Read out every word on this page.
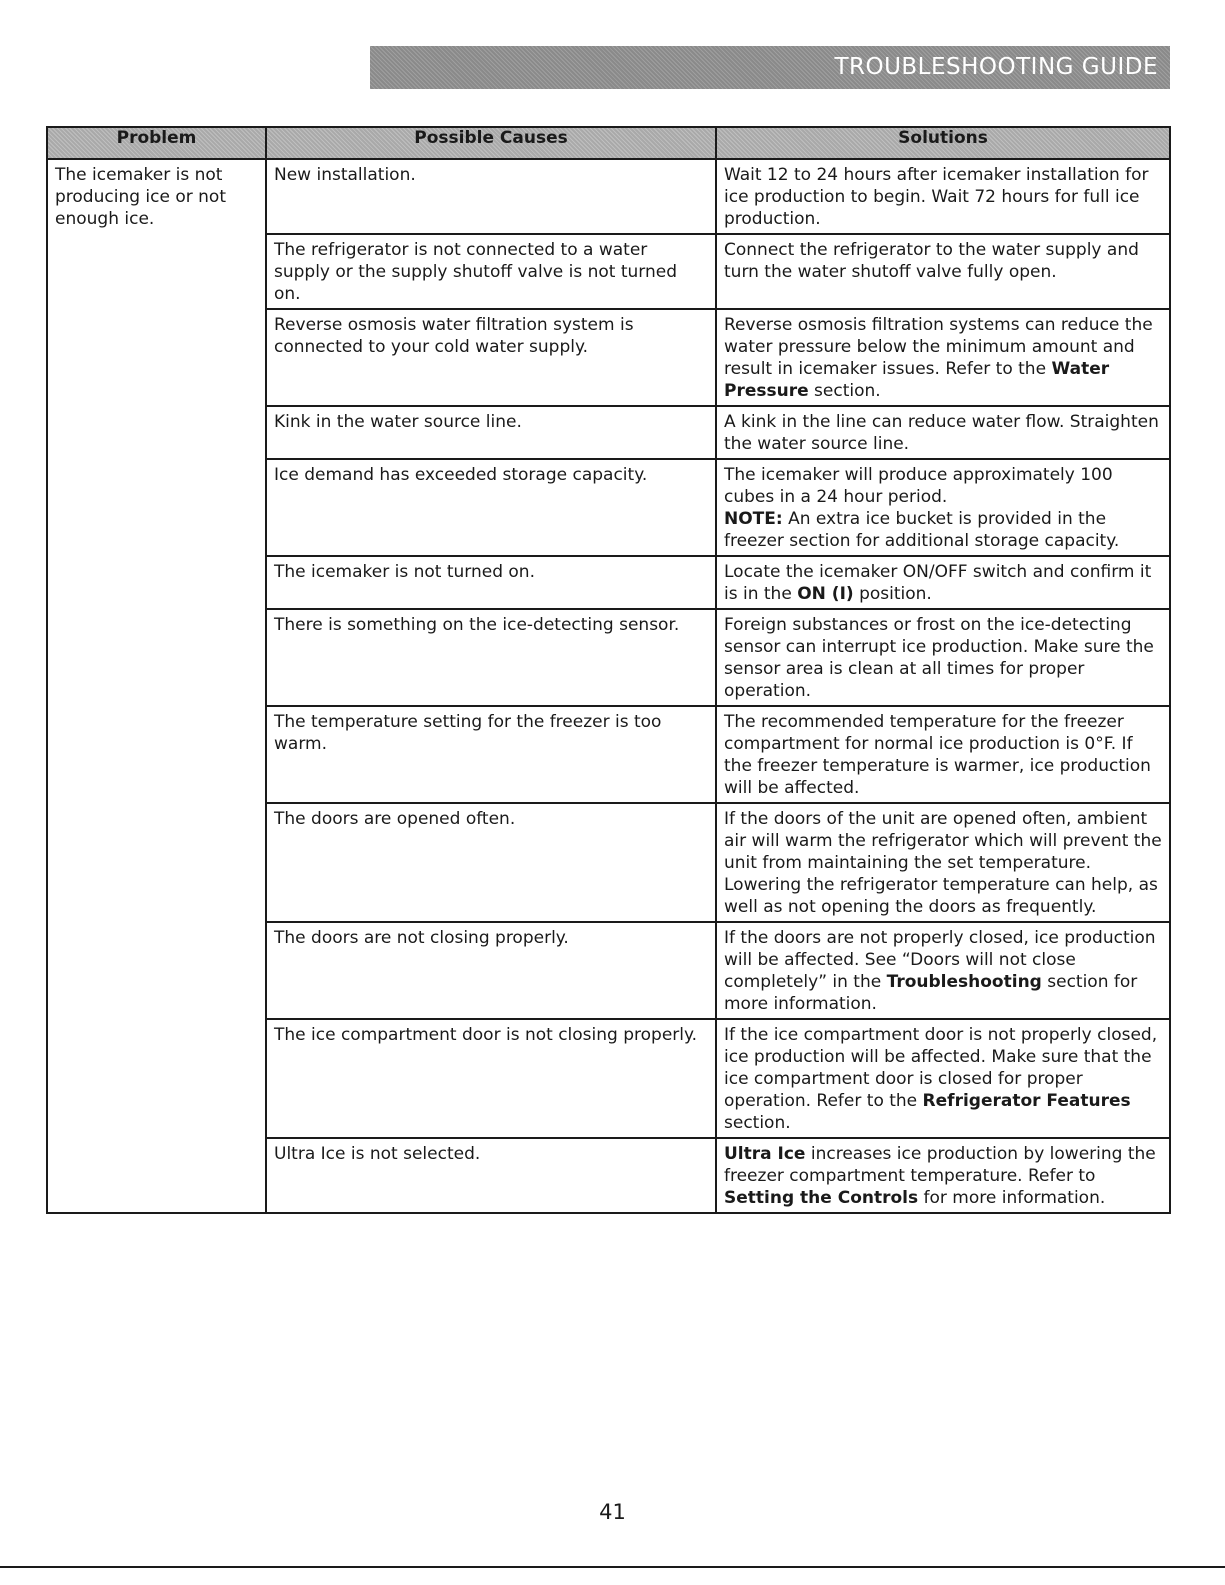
TROUBLESHOOTING GUIDE
Problem	Possible Causes	Solutions
The icemaker is not producing ice or not enough ice.	New installation.	Wait 12 to 24 hours after icemaker installation for ice production to begin. Wait 72 hours for full ice production.
	The refrigerator is not connected to a water supply or the supply shutoff valve is not turned on.	Connect the refrigerator to the water supply and turn the water shutoff valve fully open.
	Reverse osmosis water filtration system is connected to your cold water supply.	Reverse osmosis filtration systems can reduce the water pressure below the minimum amount and result in icemaker issues. Refer to the Water Pressure section.
	Kink in the water source line.	A kink in the line can reduce water flow. Straighten the water source line.
	Ice demand has exceeded storage capacity.	The icemaker will produce approximately 100 cubes in a 24 hour period.
NOTE: An extra ice bucket is provided in the freezer section for additional storage capacity.
	The icemaker is not turned on.	Locate the icemaker ON/OFF switch and confirm it is in the ON (I) position.
	There is something on the ice-detecting sensor.	Foreign substances or frost on the ice-detecting sensor can interrupt ice production. Make sure the sensor area is clean at all times for proper operation.
	The temperature setting for the freezer is too warm.	The recommended temperature for the freezer compartment for normal ice production is 0°F. If the freezer temperature is warmer, ice production will be affected.
	The doors are opened often.	If the doors of the unit are opened often, ambient air will warm the refrigerator which will prevent the unit from maintaining the set temperature. Lowering the refrigerator temperature can help, as well as not opening the doors as frequently.
	The doors are not closing properly.	If the doors are not properly closed, ice production will be affected. See “Doors will not close completely” in the Troubleshooting section for more information.
	The ice compartment door is not closing properly.	If the ice compartment door is not properly closed, ice production will be affected. Make sure that the ice compartment door is closed for proper operation. Refer to the Refrigerator Features section.
	Ultra Ice is not selected.	Ultra Ice increases ice production by lowering the freezer compartment temperature. Refer to Setting the Controls for more information.
41
